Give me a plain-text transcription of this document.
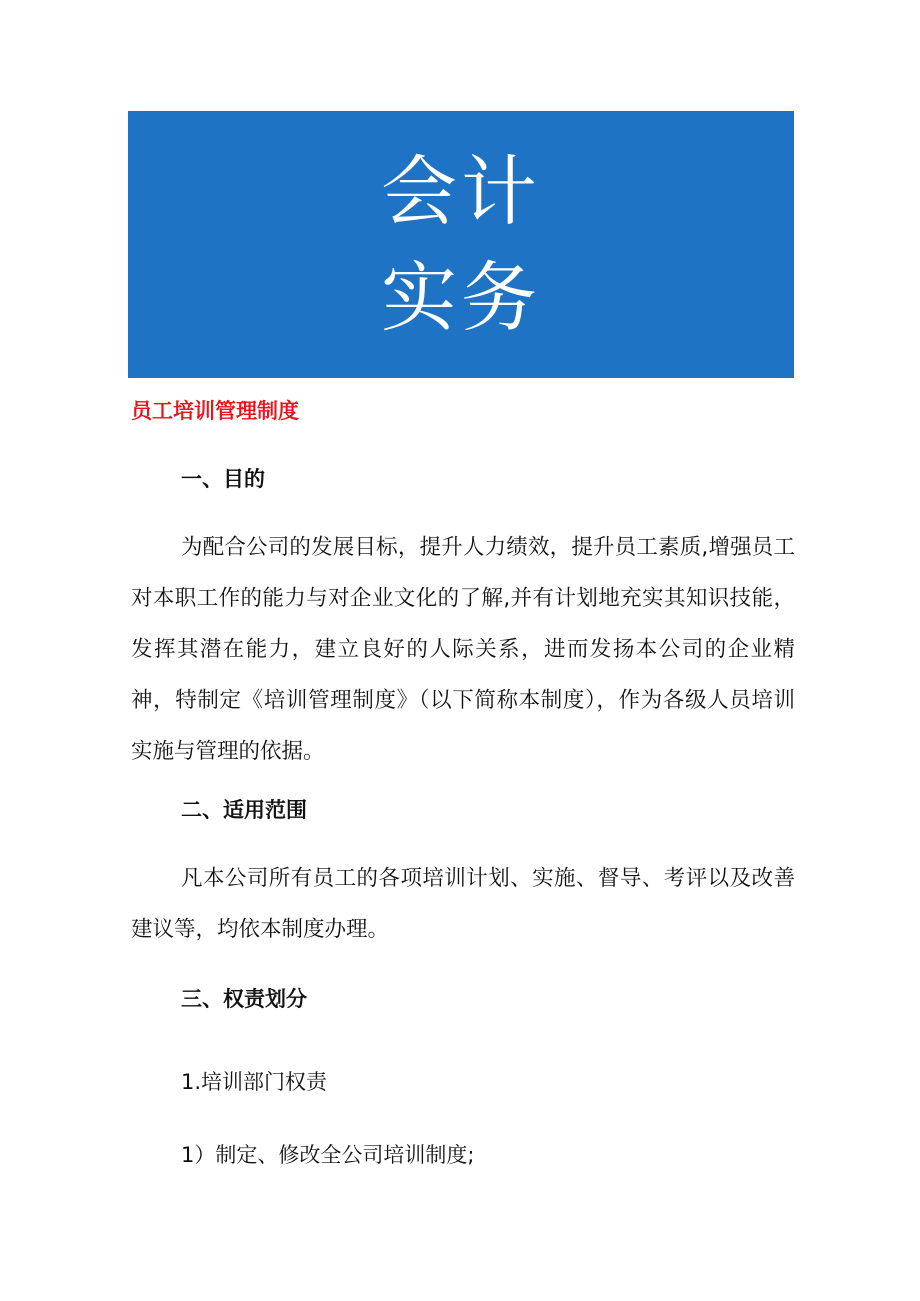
会计
实务
员工培训管理制度
一、目的

为配合公司的发展目标，提升人力绩效，提升员工素质,增强员工对本职工作的能力与对企业文化的了解,并有计划地充实其知识技能，发挥其潜在能力，建立良好的人际关系，进而发扬本公司的企业精神，特制定《培训管理制度》（以下简称本制度），作为各级人员培训实施与管理的依据。

二、适用范围

凡本公司所有员工的各项培训计划、实施、督导、考评以及改善建议等，均依本制度办理。

三、权责划分
1.培训部门权责
1）制定、修改全公司培训制度;
